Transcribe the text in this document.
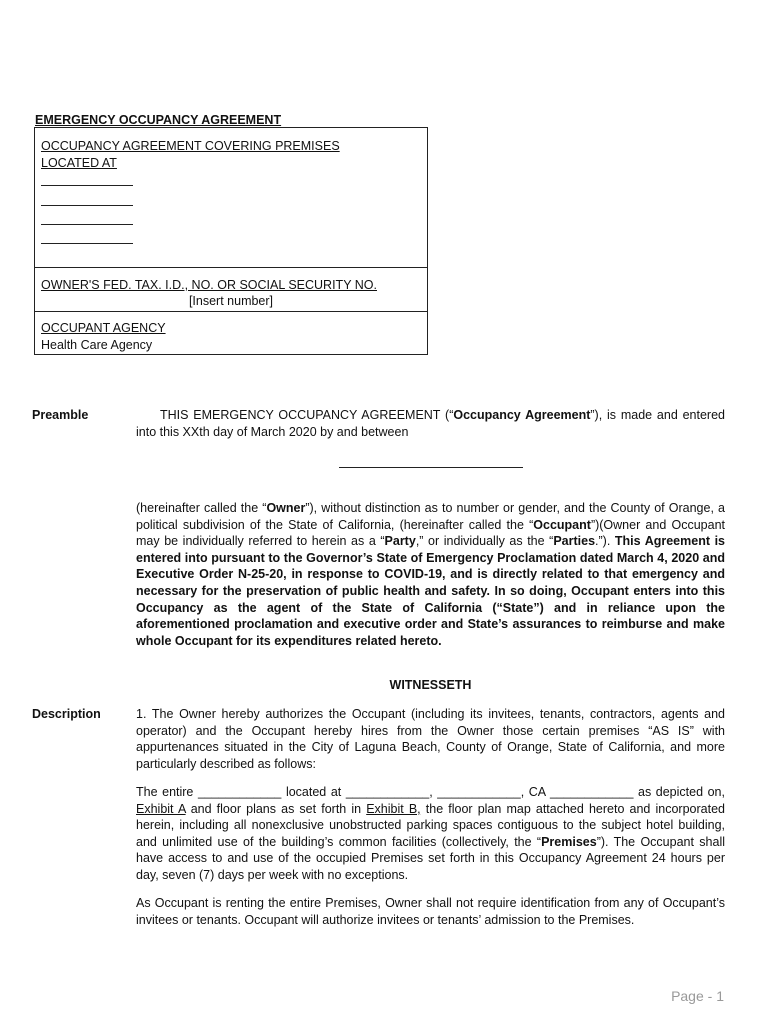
EMERGENCY OCCUPANCY AGREEMENT
OCCUPANCY AGREEMENT COVERING PREMISES LOCATED AT
OWNER'S FED. TAX. I.D., NO. OR SOCIAL SECURITY NO.
[Insert number]
OCCUPANT AGENCY
Health Care Agency
Preamble	THIS EMERGENCY OCCUPANCY AGREEMENT (“Occupancy Agreement”), is made and entered into this XXth day of March 2020 by and between

(hereinafter called the “Owner”), without distinction as to number or gender, and the County of Orange, a political subdivision of the State of California, (hereinafter called the “Occupant”)(Owner and Occupant may be individually referred to herein as a “Party,” or individually as the “Parties.”). This Agreement is entered into pursuant to the Governor’s State of Emergency Proclamation dated March 4, 2020 and Executive Order N-25-20, in response to COVID-19, and is directly related to that emergency and necessary for the preservation of public health and safety. In so doing, Occupant enters into this Occupancy as the agent of the State of California (“State”) and in reliance upon the aforementioned proclamation and executive order and State’s assurances to reimburse and make whole Occupant for its expenditures related hereto.

WITNESSETH
Description	1. The Owner hereby authorizes the Occupant (including its invitees, tenants, contractors, agents and operator) and the Occupant hereby hires from the Owner those certain premises “AS IS” with appurtenances situated in the City of Laguna Beach, County of Orange, State of California, and more particularly described as follows:

The entire ____________ located at ____________, ____________, CA ____________ as depicted on, Exhibit A and floor plans as set forth in Exhibit B, the floor plan map attached hereto and incorporated herein, including all nonexclusive unobstructed parking spaces contiguous to the subject hotel building, and unlimited use of the building’s common facilities (collectively, the “Premises”). The Occupant shall have access to and use of the occupied Premises set forth in this Occupancy Agreement 24 hours per day, seven (7) days per week with no exceptions.

As Occupant is renting the entire Premises, Owner shall not require identification from any of Occupant’s invitees or tenants. Occupant will authorize invitees or tenants’ admission to the Premises.

Page - 1
